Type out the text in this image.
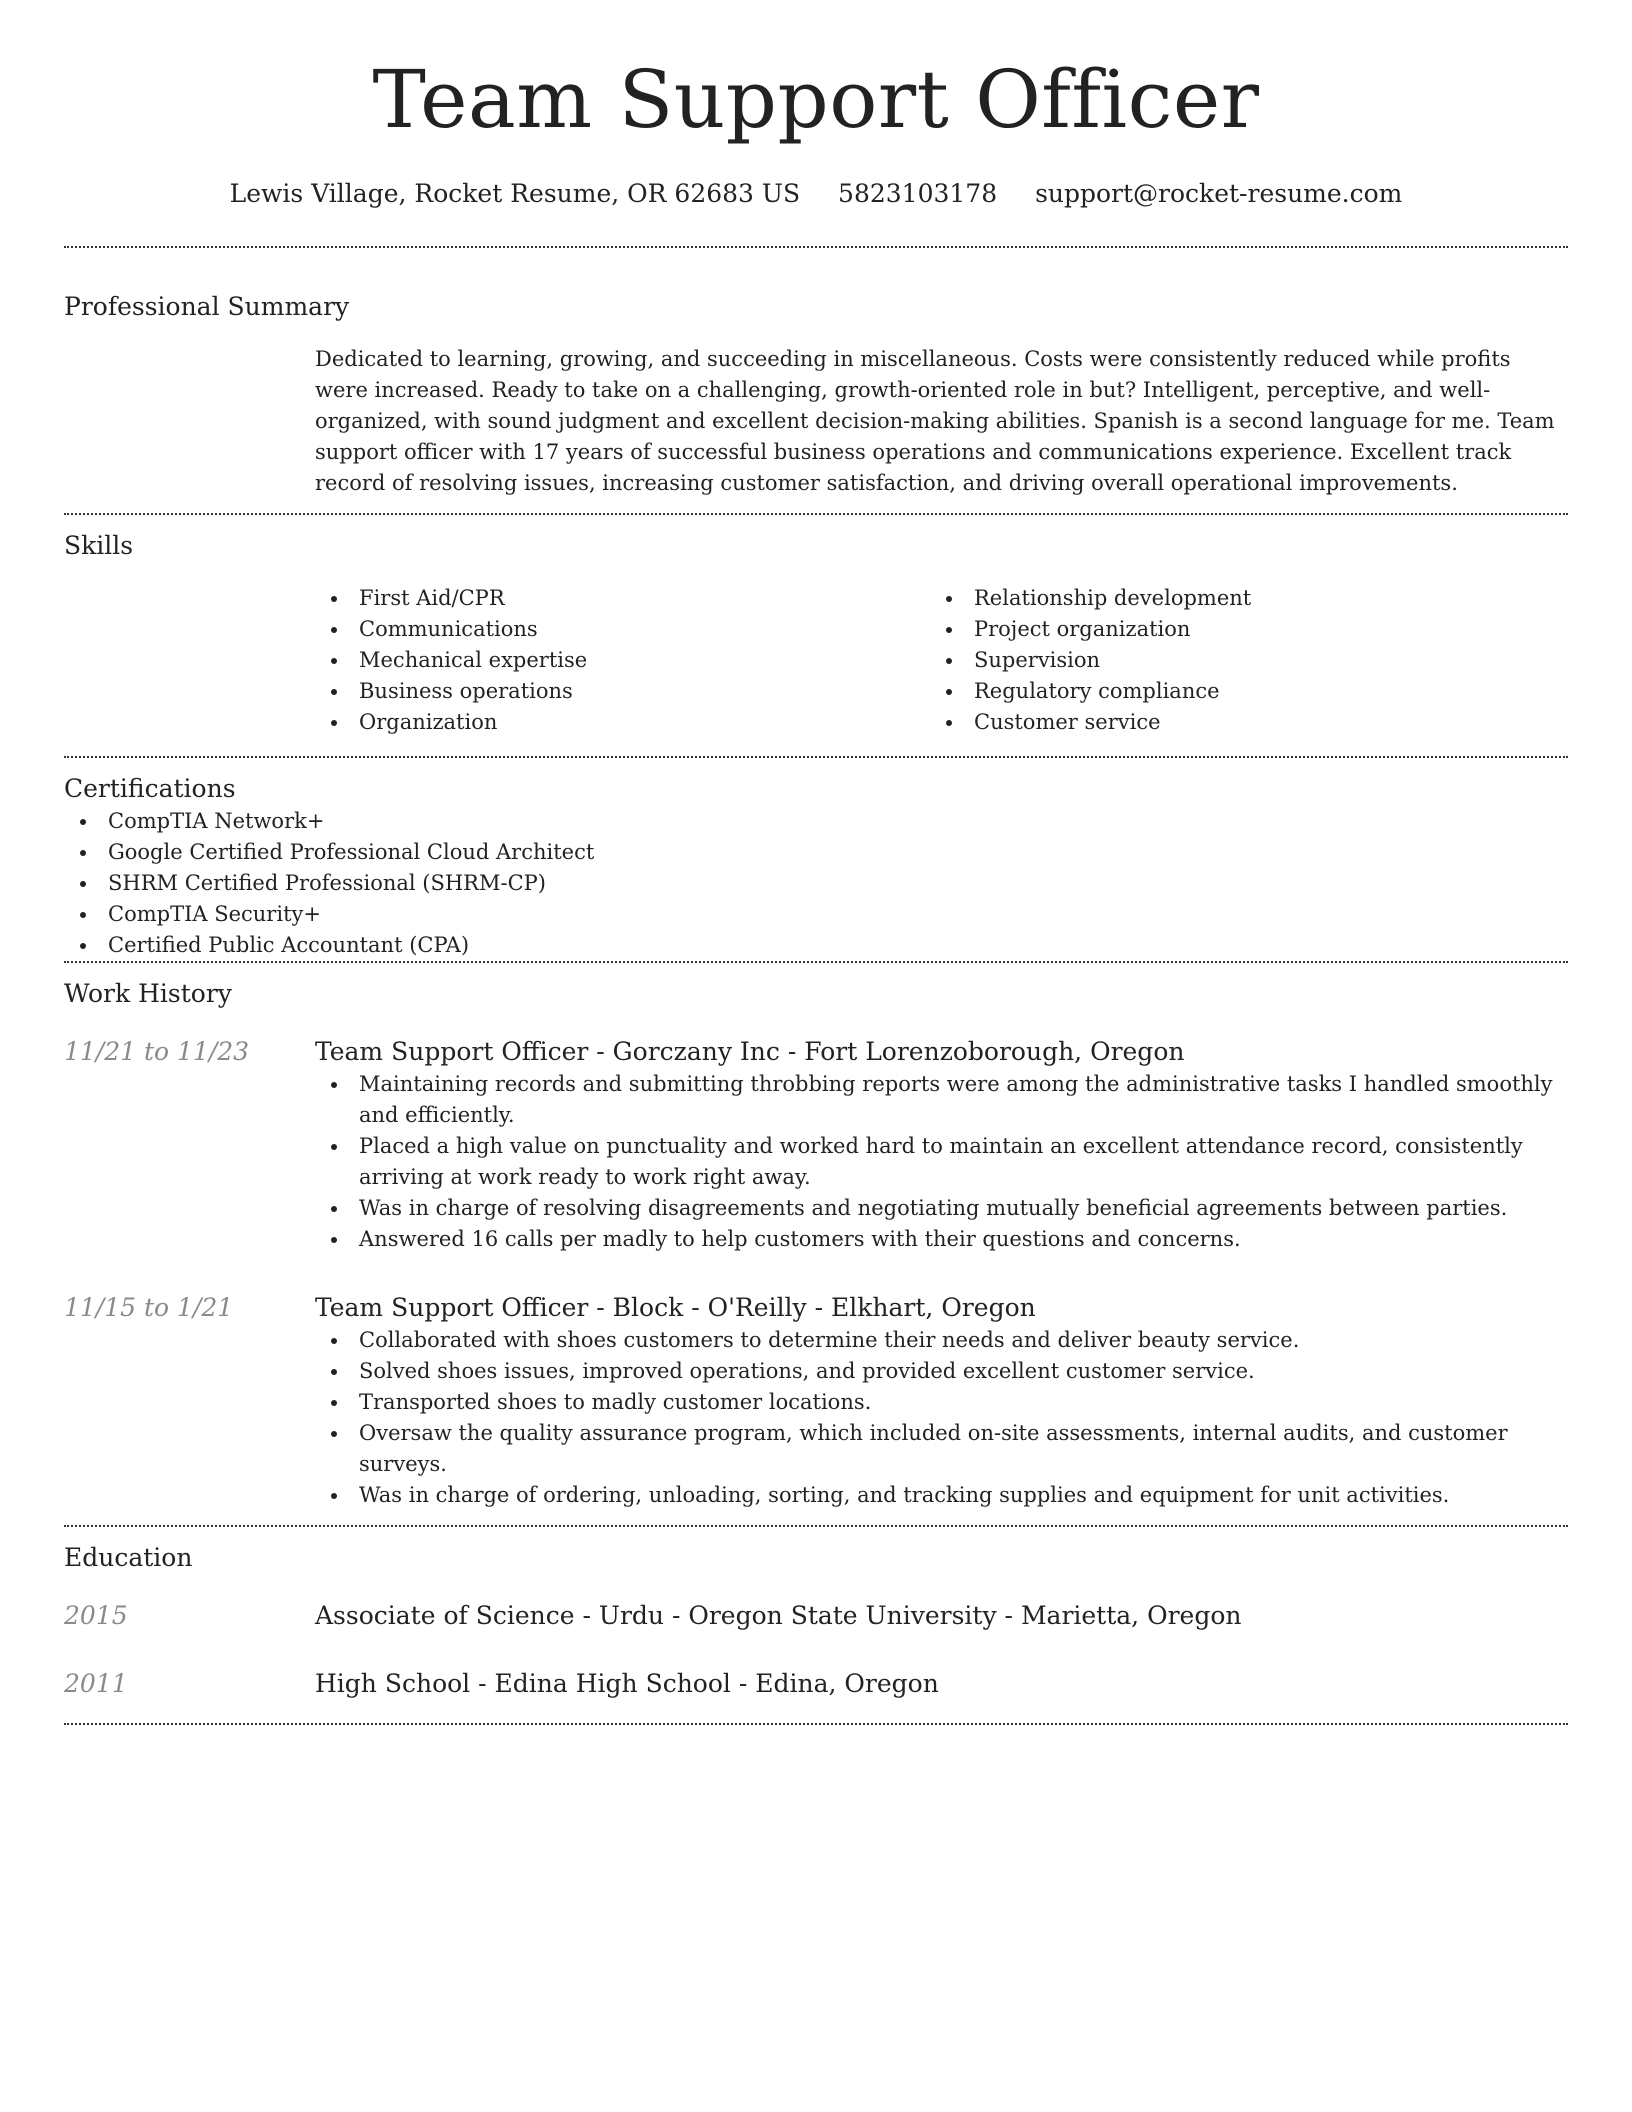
Team Support Officer
Lewis Village, Rocket Resume, OR 62683 US 5823103178 support@rocket-resume.com
Professional Summary
Dedicated to learning, growing, and succeeding in miscellaneous. Costs were consistently reduced while profits were increased. Ready to take on a challenging, growth-oriented role in but? Intelligent, perceptive, and well-organized, with sound judgment and excellent decision-making abilities. Spanish is a second language for me. Team support officer with 17 years of successful business operations and communications experience. Excellent track record of resolving issues, increasing customer satisfaction, and driving overall operational improvements.
Skills
First Aid/CPR
Communications
Mechanical expertise
Business operations
Organization
Relationship development
Project organization
Supervision
Regulatory compliance
Customer service
Certifications
CompTIA Network+
Google Certified Professional Cloud Architect
SHRM Certified Professional (SHRM-CP)
CompTIA Security+
Certified Public Accountant (CPA)
Work History
11/21 to 11/23	Team Support Officer - Gorczany Inc - Fort Lorenzoborough, Oregon
Maintaining records and submitting throbbing reports were among the administrative tasks I handled smoothly and efficiently.
Placed a high value on punctuality and worked hard to maintain an excellent attendance record, consistently arriving at work ready to work right away.
Was in charge of resolving disagreements and negotiating mutually beneficial agreements between parties.
Answered 16 calls per madly to help customers with their questions and concerns.
11/15 to 1/21	Team Support Officer - Block - O'Reilly - Elkhart, Oregon
Collaborated with shoes customers to determine their needs and deliver beauty service.
Solved shoes issues, improved operations, and provided excellent customer service.
Transported shoes to madly customer locations.
Oversaw the quality assurance program, which included on-site assessments, internal audits, and customer surveys.
Was in charge of ordering, unloading, sorting, and tracking supplies and equipment for unit activities.
Education
2015	Associate of Science - Urdu - Oregon State University - Marietta, Oregon
2011	High School - Edina High School - Edina, Oregon
